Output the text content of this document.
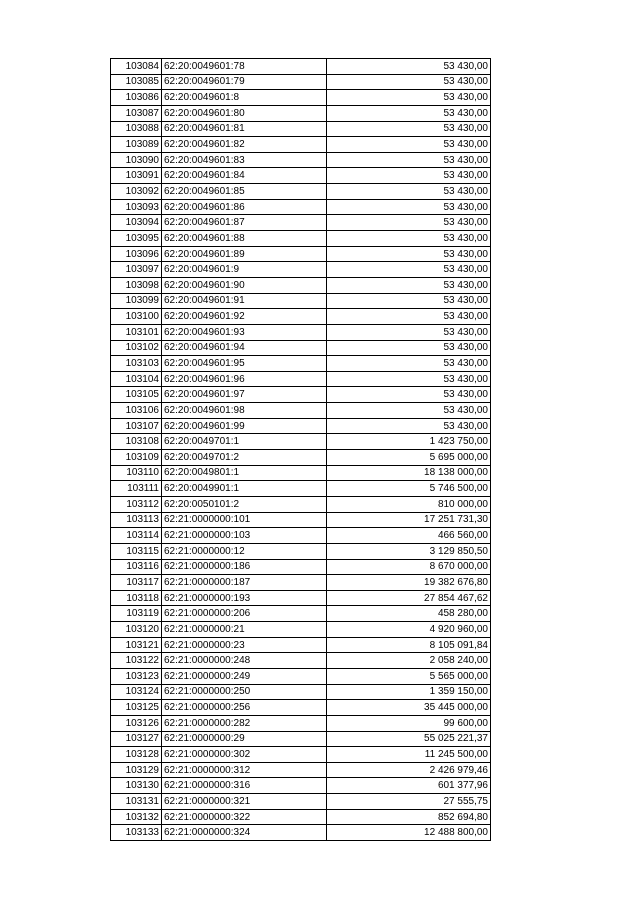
103084	62:20:0049601:78	53 430,00
103085	62:20:0049601:79	53 430,00
103086	62:20:0049601:8	53 430,00
103087	62:20:0049601:80	53 430,00
103088	62:20:0049601:81	53 430,00
103089	62:20:0049601:82	53 430,00
103090	62:20:0049601:83	53 430,00
103091	62:20:0049601:84	53 430,00
103092	62:20:0049601:85	53 430,00
103093	62:20:0049601:86	53 430,00
103094	62:20:0049601:87	53 430,00
103095	62:20:0049601:88	53 430,00
103096	62:20:0049601:89	53 430,00
103097	62:20:0049601:9	53 430,00
103098	62:20:0049601:90	53 430,00
103099	62:20:0049601:91	53 430,00
103100	62:20:0049601:92	53 430,00
103101	62:20:0049601:93	53 430,00
103102	62:20:0049601:94	53 430,00
103103	62:20:0049601:95	53 430,00
103104	62:20:0049601:96	53 430,00
103105	62:20:0049601:97	53 430,00
103106	62:20:0049601:98	53 430,00
103107	62:20:0049601:99	53 430,00
103108	62:20:0049701:1	1 423 750,00
103109	62:20:0049701:2	5 695 000,00
103110	62:20:0049801:1	18 138 000,00
103111	62:20:0049901:1	5 746 500,00
103112	62:20:0050101:2	810 000,00
103113	62:21:0000000:101	17 251 731,30
103114	62:21:0000000:103	466 560,00
103115	62:21:0000000:12	3 129 850,50
103116	62:21:0000000:186	8 670 000,00
103117	62:21:0000000:187	19 382 676,80
103118	62:21:0000000:193	27 854 467,62
103119	62:21:0000000:206	458 280,00
103120	62:21:0000000:21	4 920 960,00
103121	62:21:0000000:23	8 105 091,84
103122	62:21:0000000:248	2 058 240,00
103123	62:21:0000000:249	5 565 000,00
103124	62:21:0000000:250	1 359 150,00
103125	62:21:0000000:256	35 445 000,00
103126	62:21:0000000:282	99 600,00
103127	62:21:0000000:29	55 025 221,37
103128	62:21:0000000:302	11 245 500,00
103129	62:21:0000000:312	2 426 979,46
103130	62:21:0000000:316	601 377,96
103131	62:21:0000000:321	27 555,75
103132	62:21:0000000:322	852 694,80
103133	62:21:0000000:324	12 488 800,00
